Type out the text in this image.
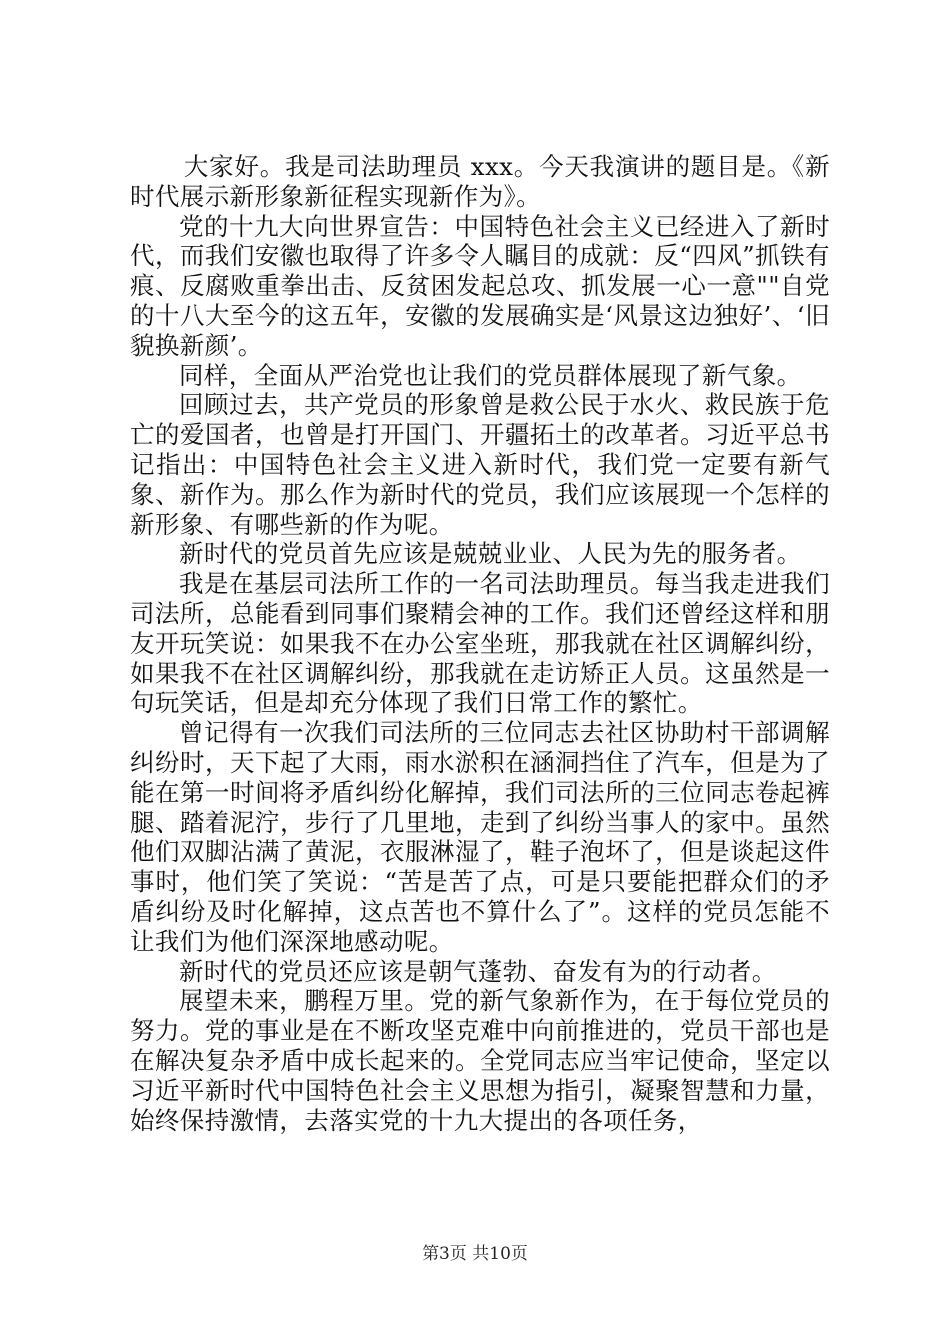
大家好。我是司法助理员 xxx。今天我演讲的题目是。《新时代展示新形象新征程实现新作为》。

党的十九大向世界宣告：中国特色社会主义已经进入了新时代，而我们安徽也取得了许多令人瞩目的成就：反“四风”抓铁有痕、反腐败重拳出击、反贫困发起总攻、抓发展一心一意""自党的十八大至今的这五年，安徽的发展确实是‘风景这边独好’、‘旧貌换新颜’。

同样，全面从严治党也让我们的党员群体展现了新气象。

回顾过去，共产党员的形象曾是救公民于水火、救民族于危亡的爱国者，也曾是打开国门、开疆拓土的改革者。习近平总书记指出：中国特色社会主义进入新时代，我们党一定要有新气象、新作为。那么作为新时代的党员，我们应该展现一个怎样的新形象、有哪些新的作为呢。

新时代的党员首先应该是兢兢业业、人民为先的服务者。

我是在基层司法所工作的一名司法助理员。每当我走进我们司法所，总能看到同事们聚精会神的工作。我们还曾经这样和朋友开玩笑说：如果我不在办公室坐班，那我就在社区调解纠纷，如果我不在社区调解纠纷，那我就在走访矫正人员。这虽然是一句玩笑话，但是却充分体现了我们日常工作的繁忙。

曾记得有一次我们司法所的三位同志去社区协助村干部调解纠纷时，天下起了大雨，雨水淤积在涵洞挡住了汽车，但是为了能在第一时间将矛盾纠纷化解掉，我们司法所的三位同志卷起裤腿、踏着泥泞，步行了几里地，走到了纠纷当事人的家中。虽然他们双脚沾满了黄泥，衣服淋湿了，鞋子泡坏了，但是谈起这件事时，他们笑了笑说：“苦是苦了点，可是只要能把群众们的矛盾纠纷及时化解掉，这点苦也不算什么了”。这样的党员怎能不让我们为他们深深地感动呢。

新时代的党员还应该是朝气蓬勃、奋发有为的行动者。

展望未来，鹏程万里。党的新气象新作为，在于每位党员的努力。党的事业是在不断攻坚克难中向前推进的，党员干部也是在解决复杂矛盾中成长起来的。全党同志应当牢记使命，坚定以习近平新时代中国特色社会主义思想为指引，凝聚智慧和力量，始终保持激情，去落实党的十九大提出的各项任务，

第3页 共10页
